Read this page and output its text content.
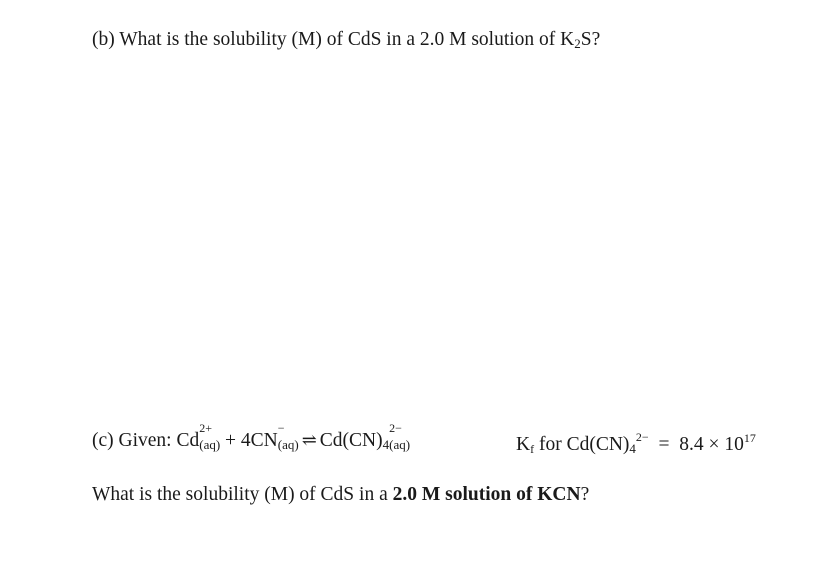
(b) What is the solubility (M) of CdS in a 2.0 M solution of K2S?
(c) Given: Cd
2+
(aq) + 4CN
−
(aq) ⇌ Cd(CN)4
2−
(aq)	Kf for $Cd(CN)4^{2-} = 8.4 \times 10^{17}$
What is the solubility (M) of CdS in a 2.0 M solution of KCN?
